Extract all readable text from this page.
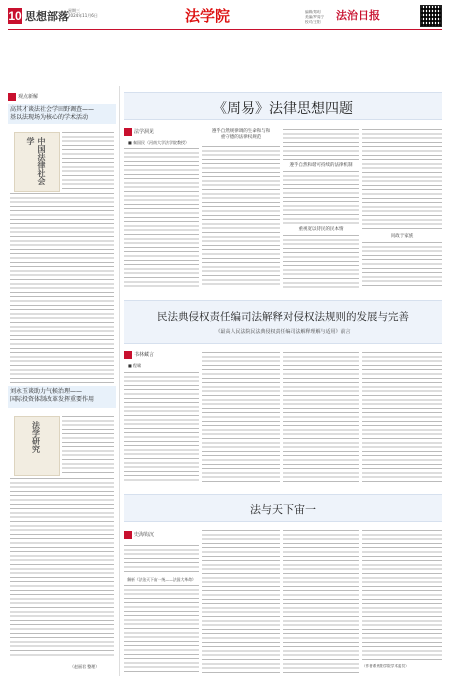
10 思想部落
星期三
2024年11月6日	法学院	编辑/郑玥
美编/罗周宁
校对/王阳	法治日报
观点新解
高其才谈法社会学田野调查——
基以法现场为核心的学术活动
中国法律社会学
刘永玉谈助力气候治理——
国际投资体制改革发挥重要作用
法学研究
（赵丽君 整理）
《周易》法律思想四题
法学洞见
■ 秦国民（河南大学法学院教授）
遵乎自然规律调的生命和与和
重守德的法律权规范
遵乎自然和谐可持续的法律机制
重视宽以待民的民本情
问政于家族
民法典侵权责任编司法解释对侵权法规则的发展与完善
《最高人民法院民法典侵权责任编司法解释理解与适用》前言
书林藏言
■ 程啸
法与天下宙一
史海钩沉
解析《法治天下宙一统——法国大革命》
（作者系贵阳学院学术委员）
